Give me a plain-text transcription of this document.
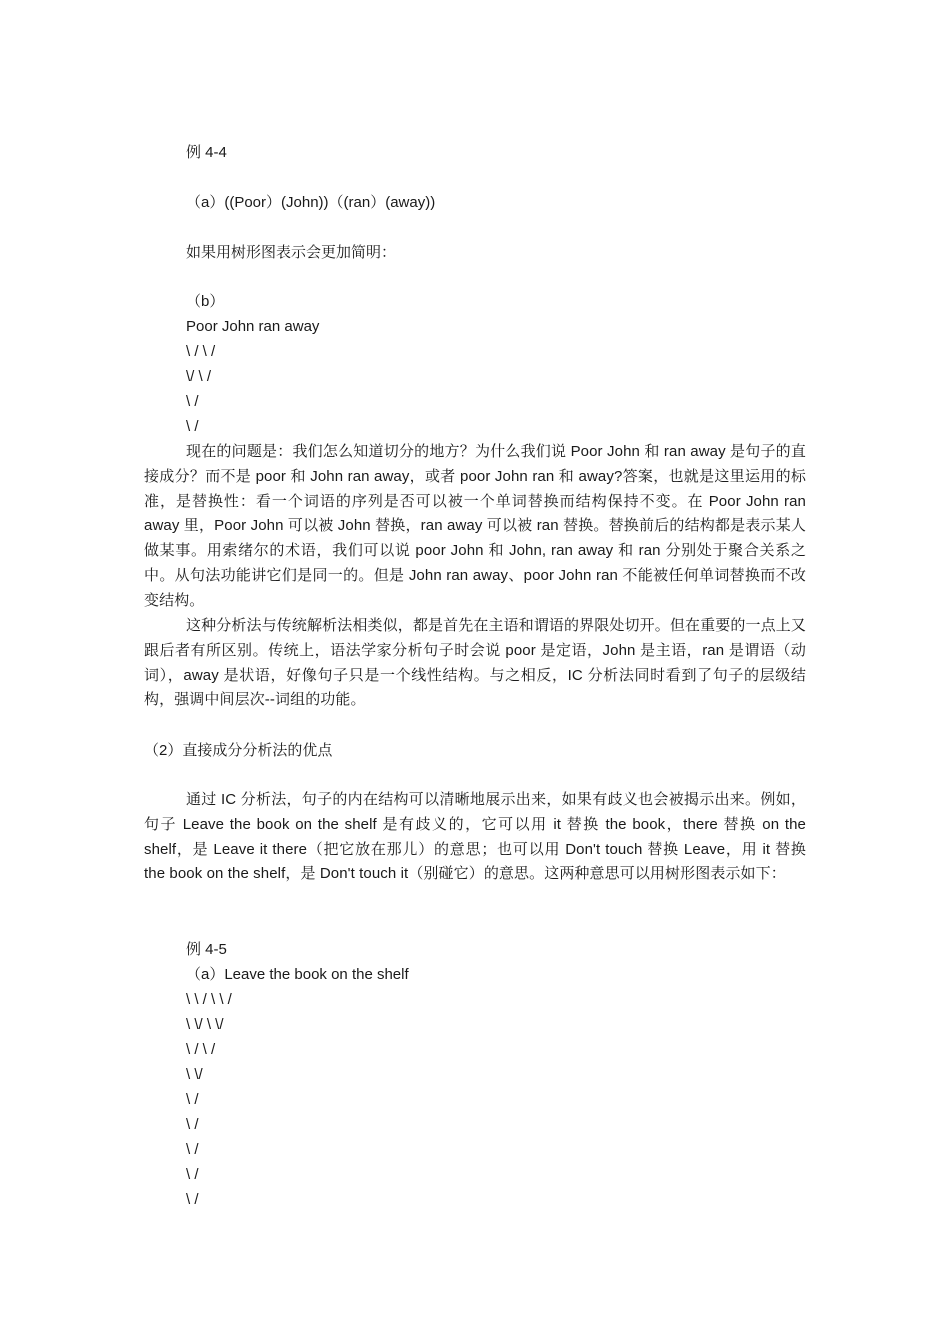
例 4-4
（a）((Poor）(John))（(ran）(away))
如果用树形图表示会更加简明：
（b）
Poor John ran away
\ / \ /
\/ \ /
\ /
\ /

现在的问题是：我们怎么知道切分的地方？为什么我们说 Poor John 和 ran away 是句子的直接成分？而不是 poor 和 John ran away，或者 poor John ran 和 away?答案，也就是这里运用的标准，是替换性：看一个词语的序列是否可以被一个单词替换而结构保持不变。在 Poor John ran away 里，Poor John 可以被 John 替换，ran away 可以被 ran 替换。替换前后的结构都是表示某人做某事。用索绪尔的术语，我们可以说 poor John 和 John, ran away 和 ran 分别处于聚合关系之中。从句法功能讲它们是同一的。但是 John ran away、poor John ran 不能被任何单词替换而不改变结构。

这种分析法与传统解析法相类似，都是首先在主语和谓语的界限处切开。但在重要的一点上又跟后者有所区别。传统上，语法学家分析句子时会说 poor 是定语，John 是主语，ran 是谓语（动词），away 是状语，好像句子只是一个线性结构。与之相反，IC 分析法同时看到了句子的层级结构，强调中间层次--词组的功能。

（2）直接成分分析法的优点

通过 IC 分析法，句子的内在结构可以清晰地展示出来，如果有歧义也会被揭示出来。例如，句子 Leave the book on the shelf 是有歧义的，它可以用 it 替换 the book，there 替换 on the shelf，是 Leave it there（把它放在那儿）的意思；也可以用 Don't touch 替换 Leave，用 it 替换 the book on the shelf，是 Don't touch it（别碰它）的意思。这两种意思可以用树形图表示如下：

例 4-5
（a）Leave the book on the shelf
\ \ / \ \ /
\ \/ \ \/
\ / \ /
\ \/
\ /
\ /
\ /
\ /
\ /
